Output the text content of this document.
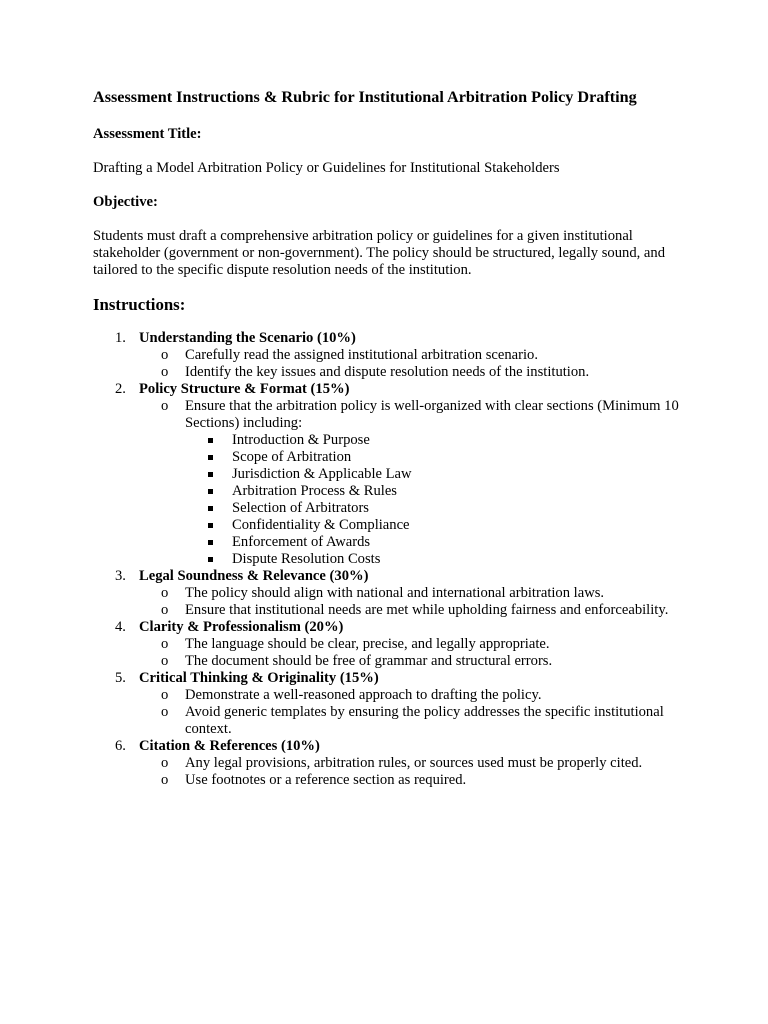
Assessment Instructions & Rubric for Institutional Arbitration Policy Drafting

Assessment Title:

Drafting a Model Arbitration Policy or Guidelines for Institutional Stakeholders

Objective:

Students must draft a comprehensive arbitration policy or guidelines for a given institutional stakeholder (government or non-government). The policy should be structured, legally sound, and tailored to the specific dispute resolution needs of the institution.

Instructions:
1. Understanding the Scenario (10%)
o Carefully read the assigned institutional arbitration scenario.
o Identify the key issues and dispute resolution needs of the institution.
2. Policy Structure & Format (15%)
o Ensure that the arbitration policy is well-organized with clear sections (Minimum 10 Sections) including:
Introduction & Purpose
Scope of Arbitration
Jurisdiction & Applicable Law
Arbitration Process & Rules
Selection of Arbitrators
Confidentiality & Compliance
Enforcement of Awards
Dispute Resolution Costs
3. Legal Soundness & Relevance (30%)
o The policy should align with national and international arbitration laws.
o Ensure that institutional needs are met while upholding fairness and enforceability.
4. Clarity & Professionalism (20%)
o The language should be clear, precise, and legally appropriate.
o The document should be free of grammar and structural errors.
5. Critical Thinking & Originality (15%)
o Demonstrate a well-reasoned approach to drafting the policy.
o Avoid generic templates by ensuring the policy addresses the specific institutional context.
6. Citation & References (10%)
o Any legal provisions, arbitration rules, or sources used must be properly cited.
o Use footnotes or a reference section as required.
